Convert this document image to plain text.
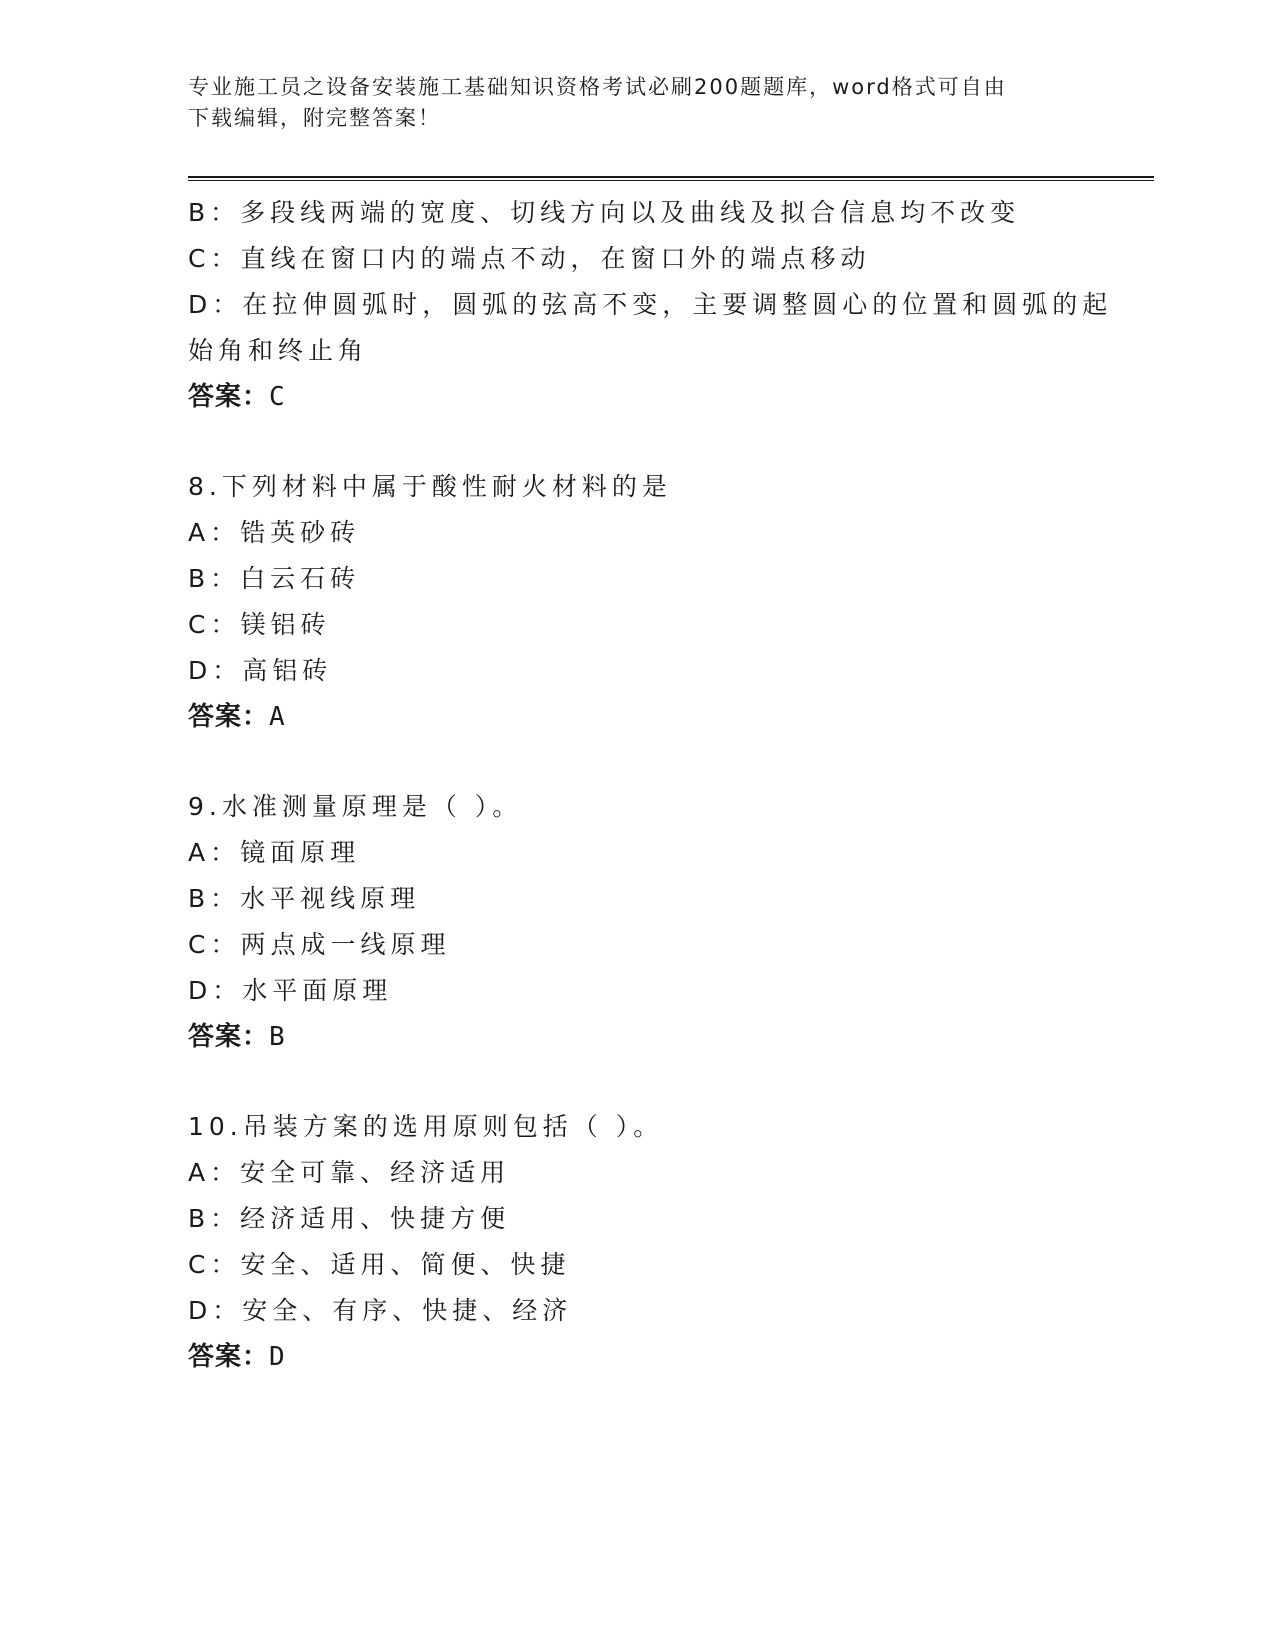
专业施工员之设备安装施工基础知识资格考试必刷200题题库，word格式可自由
下载编辑，附完整答案！
B：多段线两端的宽度、切线方向以及曲线及拟合信息均不改变
C：直线在窗口内的端点不动，在窗口外的端点移动
D：在拉伸圆弧时，圆弧的弦高不变，主要调整圆心的位置和圆弧的起
始角和终止角
答案：C
8.下列材料中属于酸性耐火材料的是
A：锆英砂砖
B：白云石砖
C：镁铝砖
D：高铝砖
答案：A
9.水准测量原理是（ ）。
A：镜面原理
B：水平视线原理
C：两点成一线原理
D：水平面原理
答案：B
10.吊装方案的选用原则包括（ ）。
A：安全可靠、经济适用
B：经济适用、快捷方便
C：安全、适用、简便、快捷
D：安全、有序、快捷、经济
答案：D
